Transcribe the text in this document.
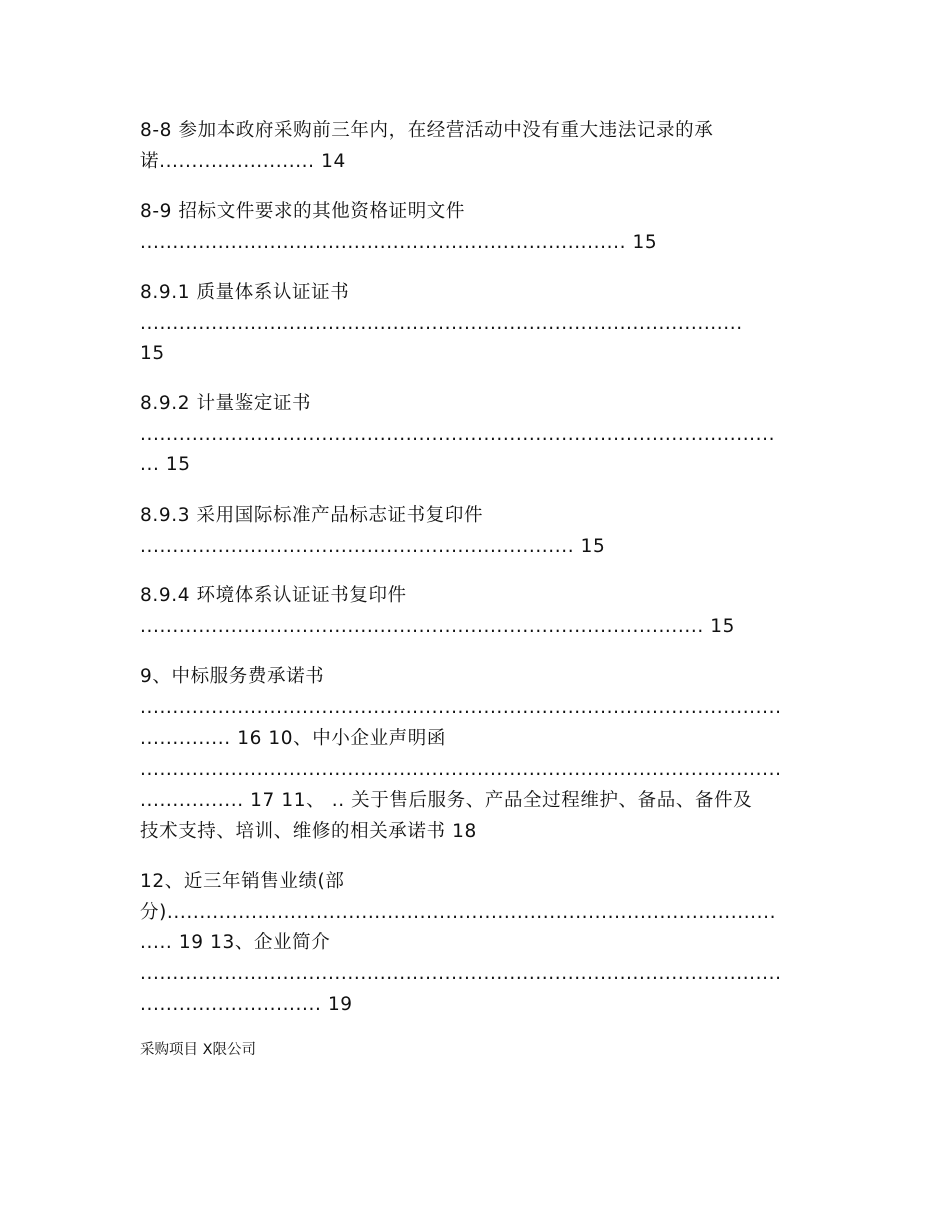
8-8 参加本政府采购前三年内，在经营活动中没有重大违法记录的承
诺........................ 14
8-9 招标文件要求的其他资格证明文件
........................................................................... 15
8.9.1 质量体系认证证书
.............................................................................................
15
8.9.2 计量鉴定证书
..................................................................................................
... 15
8.9.3 采用国际标准产品标志证书复印件
................................................................... 15
8.9.4 环境体系认证证书复印件
....................................................................................... 15
9、中标服务费承诺书
...................................................................................................
.............. 16 10、中小企业声明函
...................................................................................................
................ 17 11、 .. 关于售后服务、产品全过程维护、备品、备件及
技术支持、培训、维修的相关承诺书 18
12、近三年销售业绩(部
分)..............................................................................................
..... 19 13、企业简介
...................................................................................................
............................ 19
采购项目 X限公司
